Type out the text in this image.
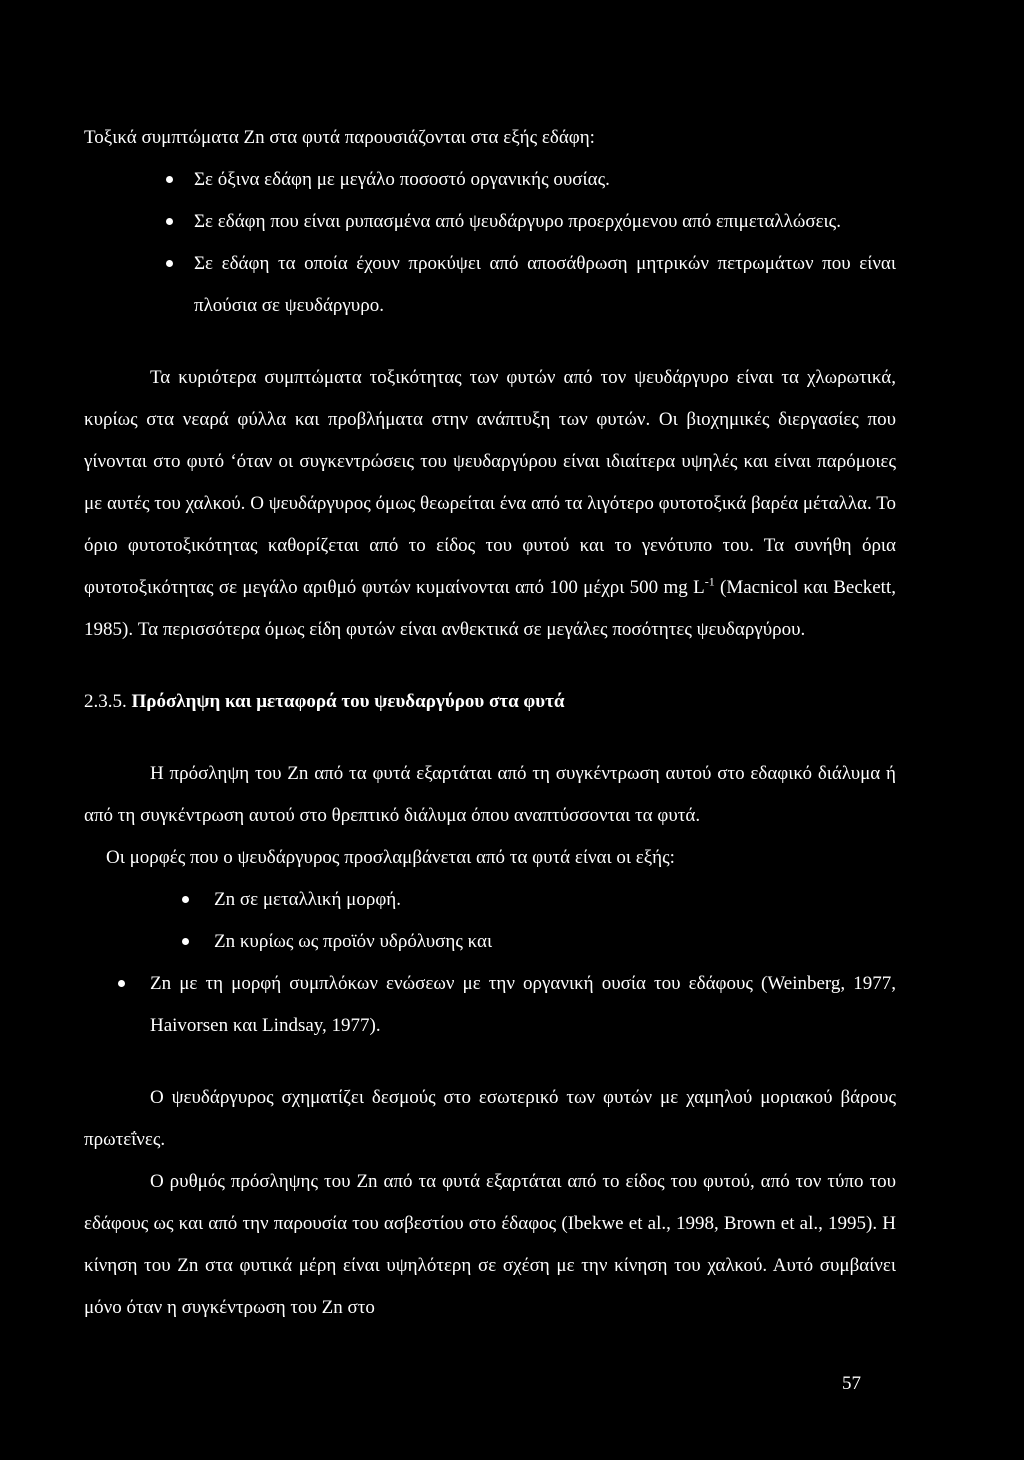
Τοξικά συμπτώματα Zn στα φυτά παρουσιάζονται στα εξής εδάφη:

Σε όξινα εδάφη με μεγάλο ποσοστό οργανικής ουσίας.
Σε εδάφη που είναι ρυπασμένα από ψευδάργυρο προερχόμενου από επιμεταλλώσεις.
Σε εδάφη τα οποία έχουν προκύψει από αποσάθρωση μητρικών πετρωμάτων που είναι πλούσια σε ψευδάργυρο.

Τα κυριότερα συμπτώματα τοξικότητας των φυτών από τον ψευδάργυρο είναι τα χλωρωτικά, κυρίως στα νεαρά φύλλα και προβλήματα στην ανάπτυξη των φυτών. Οι βιοχημικές διεργασίες που γίνονται στο φυτό ‘όταν οι συγκεντρώσεις του ψευδαργύρου είναι ιδιαίτερα υψηλές και είναι παρόμοιες με αυτές του χαλκού. Ο ψευδάργυρος όμως θεωρείται ένα από τα λιγότερο φυτοτοξικά βαρέα μέταλλα. Το όριο φυτοτοξικότητας καθορίζεται από το είδος του φυτού και το γενότυπο του. Τα συνήθη όρια φυτοτοξικότητας σε μεγάλο αριθμό φυτών κυμαίνονται από 100 μέχρι 500 mg $L^{-1}$ (Macnicol και Beckett, 1985). Τα περισσότερα όμως είδη φυτών είναι ανθεκτικά σε μεγάλες ποσότητες ψευδαργύρου.

2.3.5. Πρόσληψη και μεταφορά του ψευδαργύρου στα φυτά

Η πρόσληψη του Zn από τα φυτά εξαρτάται από τη συγκέντρωση αυτού στο εδαφικό διάλυμα ή από τη συγκέντρωση αυτού στο θρεπτικό διάλυμα όπου αναπτύσσονται τα φυτά.

Οι μορφές που ο ψευδάργυρος προσλαμβάνεται από τα φυτά είναι οι εξής:

Zn σε μεταλλική μορφή.
Zn κυρίως ως προϊόν υδρόλυσης και
Zn με τη μορφή συμπλόκων ενώσεων με την οργανική ουσία του εδάφους (Weinberg, 1977, Haivorsen και Lindsay, 1977).

Ο ψευδάργυρος σχηματίζει δεσμούς στο εσωτερικό των φυτών με χαμηλού μοριακού βάρους πρωτεΐνες.

Ο ρυθμός πρόσληψης του Zn από τα φυτά εξαρτάται από το είδος του φυτού, από τον τύπο του εδάφους ως και από την παρουσία του ασβεστίου στο έδαφος (Ibekwe et al., 1998, Brown et al., 1995). Η κίνηση του Zn στα φυτικά μέρη είναι υψηλότερη σε σχέση με την κίνηση του χαλκού. Αυτό συμβαίνει μόνο όταν η συγκέντρωση του Zn στο

57
